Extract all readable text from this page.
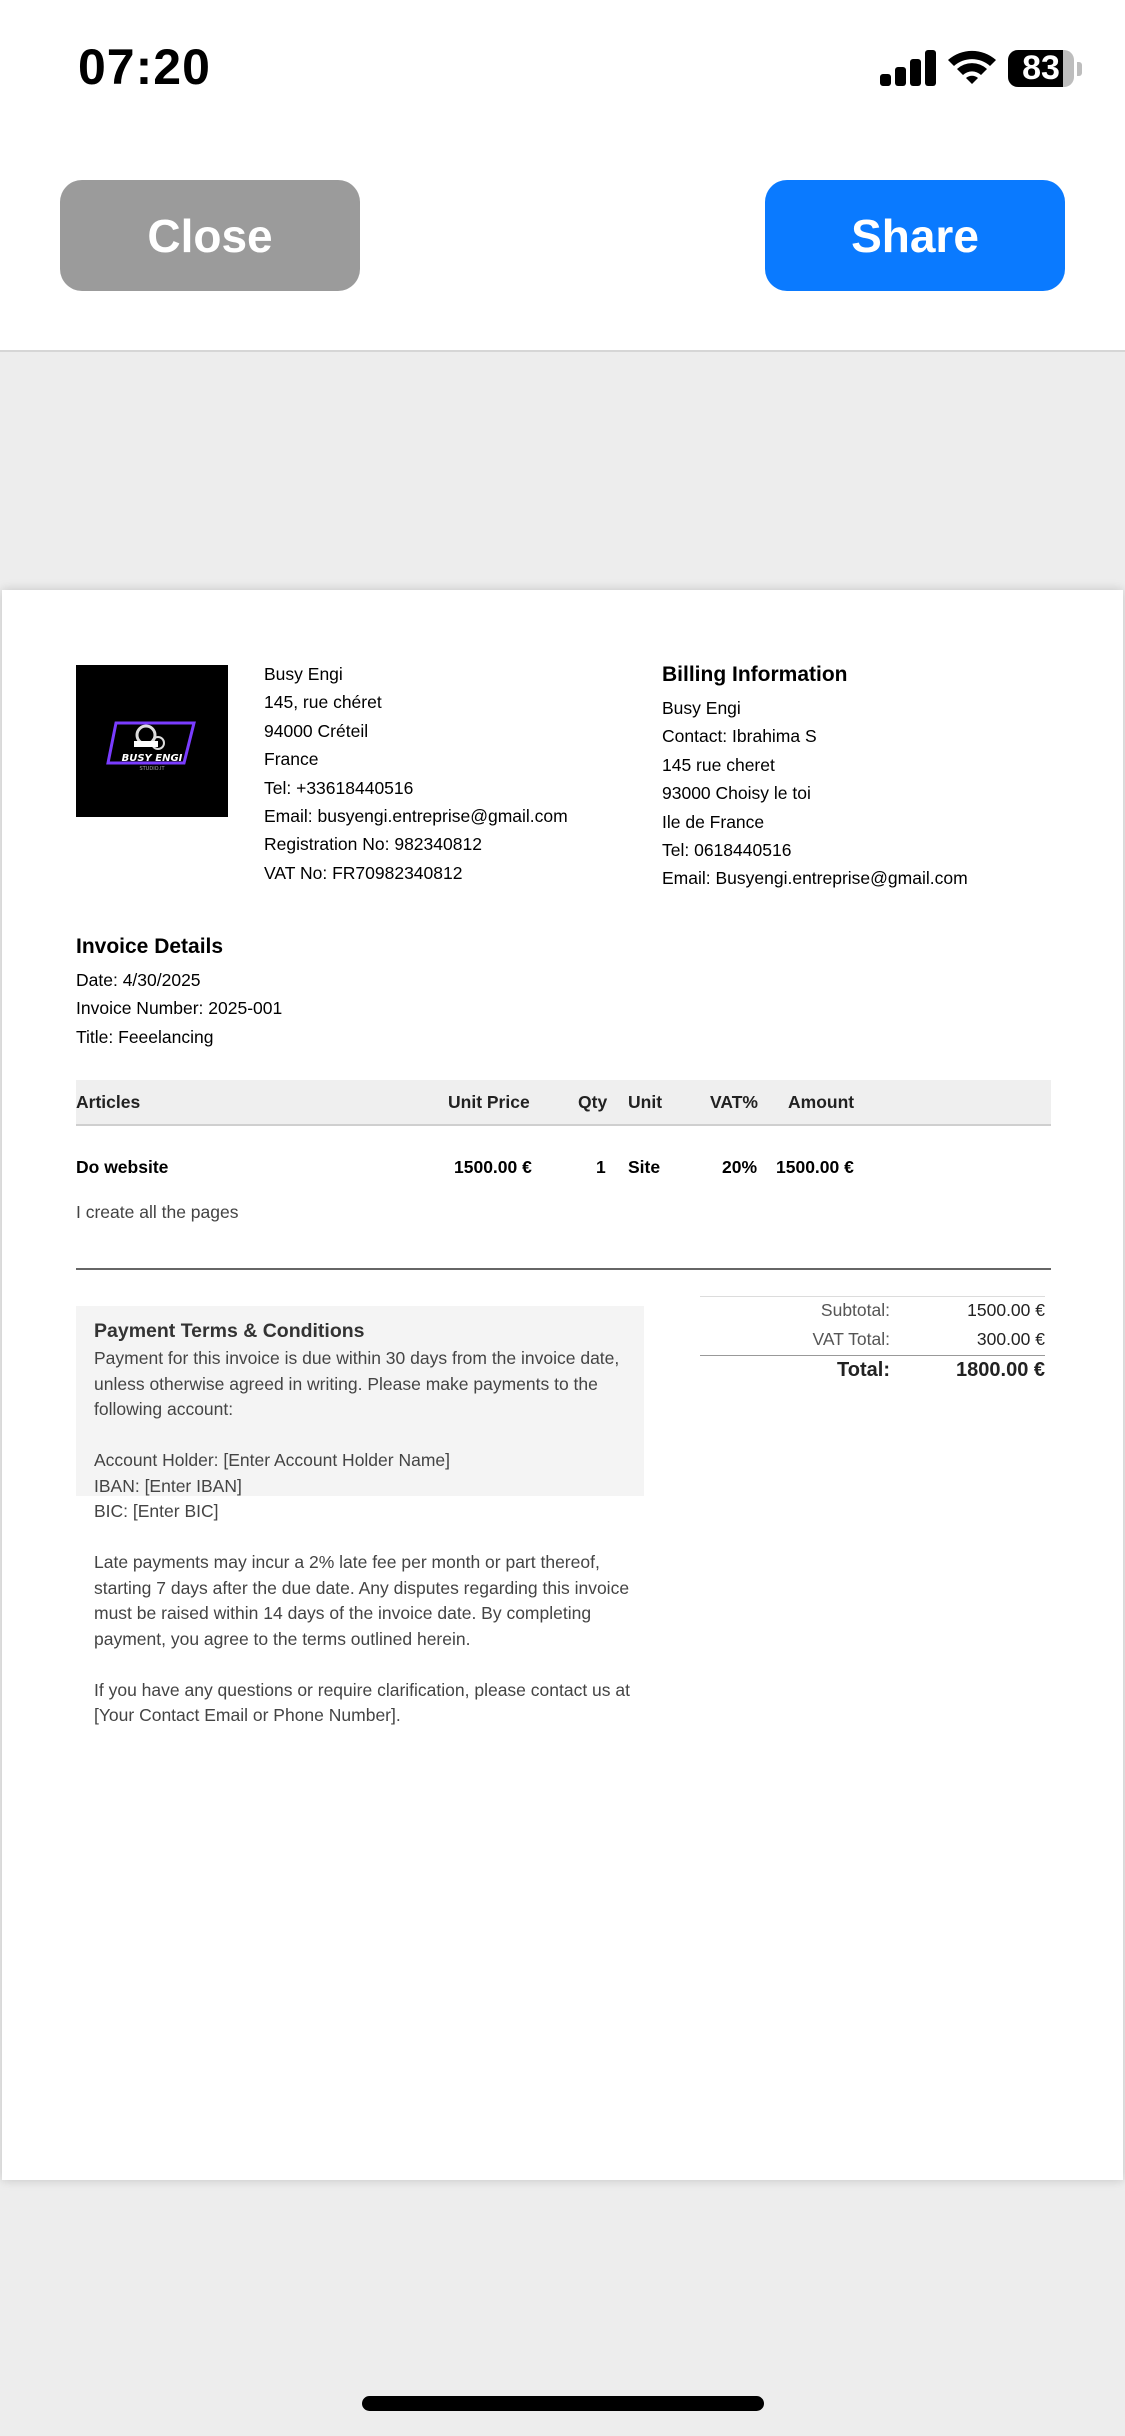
07:20	83
Close	Share
BUSY ENGI
STUDIO.IT
Busy Engi
145, rue chéret
94000 Créteil
France
Tel: +33618440516
Email: busyengi.entreprise@gmail.com
Registration No: 982340812
VAT No: FR70982340812
Billing Information
Busy Engi
Contact: Ibrahima S
145 rue cheret
93000 Choisy le toi
Ile de France
Tel: 0618440516
Email: Busyengi.entreprise@gmail.com
Invoice Details
Date: 4/30/2025
Invoice Number: 2025-001
Title: Feeelancing
Articles	Unit Price	Qty Unit	VAT% Amount
Do website	1500.00 €	1 Site	20% 1500.00 €
I create all the pages
Payment Terms & Conditions

Payment for this invoice is due within 30 days from the invoice date, unless otherwise agreed in writing. Please make payments to the following account:

Account Holder: [Enter Account Holder Name]
IBAN: [Enter IBAN]
BIC: [Enter BIC]

Late payments may incur a 2% late fee per month or part thereof, starting 7 days after the due date. Any disputes regarding this invoice must be raised within 14 days of the invoice date. By completing payment, you agree to the terms outlined herein.

If you have any questions or require clarification, please contact us at [Your Contact Email or Phone Number].

Subtotal:	1500.00 €
VAT Total:	300.00 €
Total:	1800.00 €
